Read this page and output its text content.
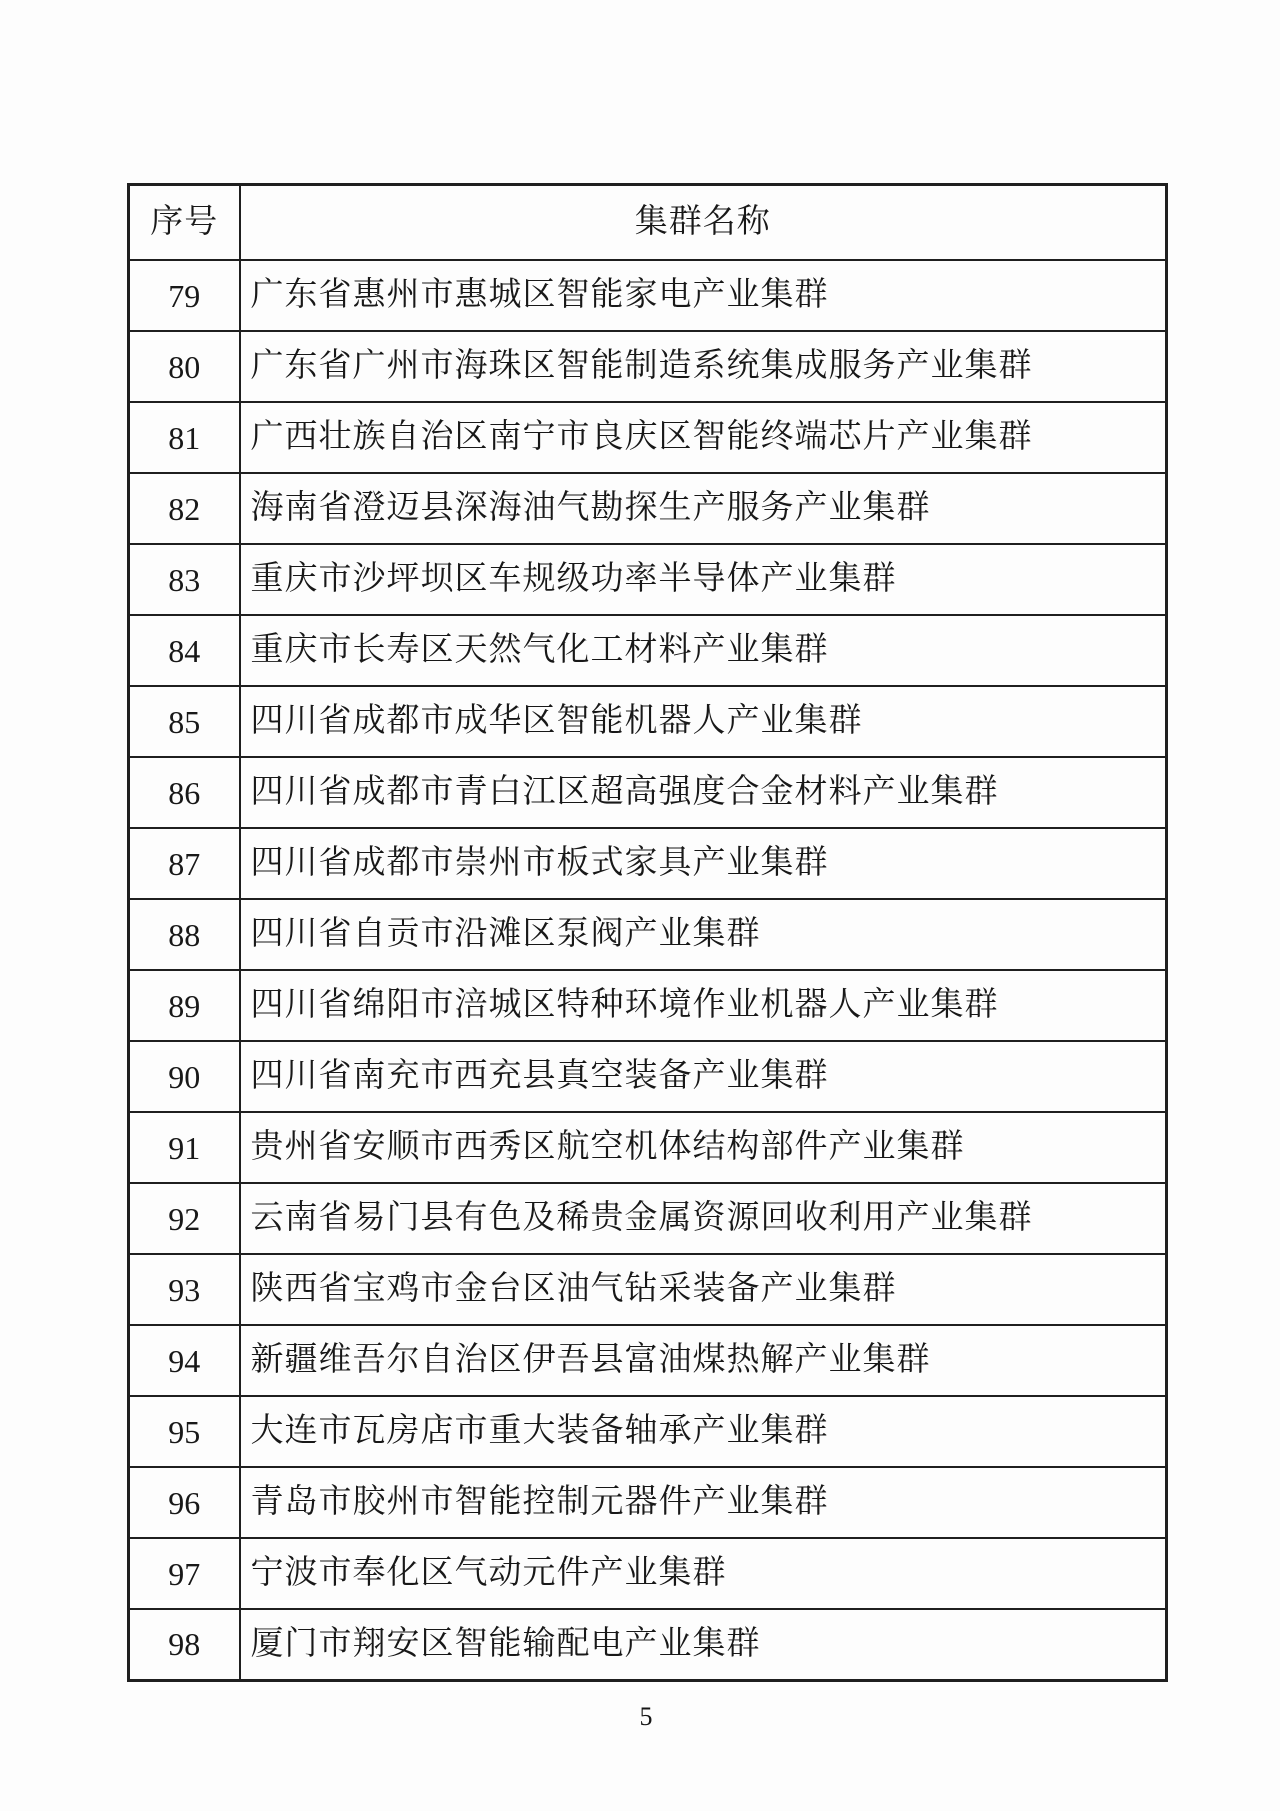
序号	集群名称
79	广东省惠州市惠城区智能家电产业集群
80	广东省广州市海珠区智能制造系统集成服务产业集群
81	广西壮族自治区南宁市良庆区智能终端芯片产业集群
82	海南省澄迈县深海油气勘探生产服务产业集群
83	重庆市沙坪坝区车规级功率半导体产业集群
84	重庆市长寿区天然气化工材料产业集群
85	四川省成都市成华区智能机器人产业集群
86	四川省成都市青白江区超高强度合金材料产业集群
87	四川省成都市崇州市板式家具产业集群
88	四川省自贡市沿滩区泵阀产业集群
89	四川省绵阳市涪城区特种环境作业机器人产业集群
90	四川省南充市西充县真空装备产业集群
91	贵州省安顺市西秀区航空机体结构部件产业集群
92	云南省易门县有色及稀贵金属资源回收利用产业集群
93	陕西省宝鸡市金台区油气钻采装备产业集群
94	新疆维吾尔自治区伊吾县富油煤热解产业集群
95	大连市瓦房店市重大装备轴承产业集群
96	青岛市胶州市智能控制元器件产业集群
97	宁波市奉化区气动元件产业集群
98	厦门市翔安区智能输配电产业集群
5
